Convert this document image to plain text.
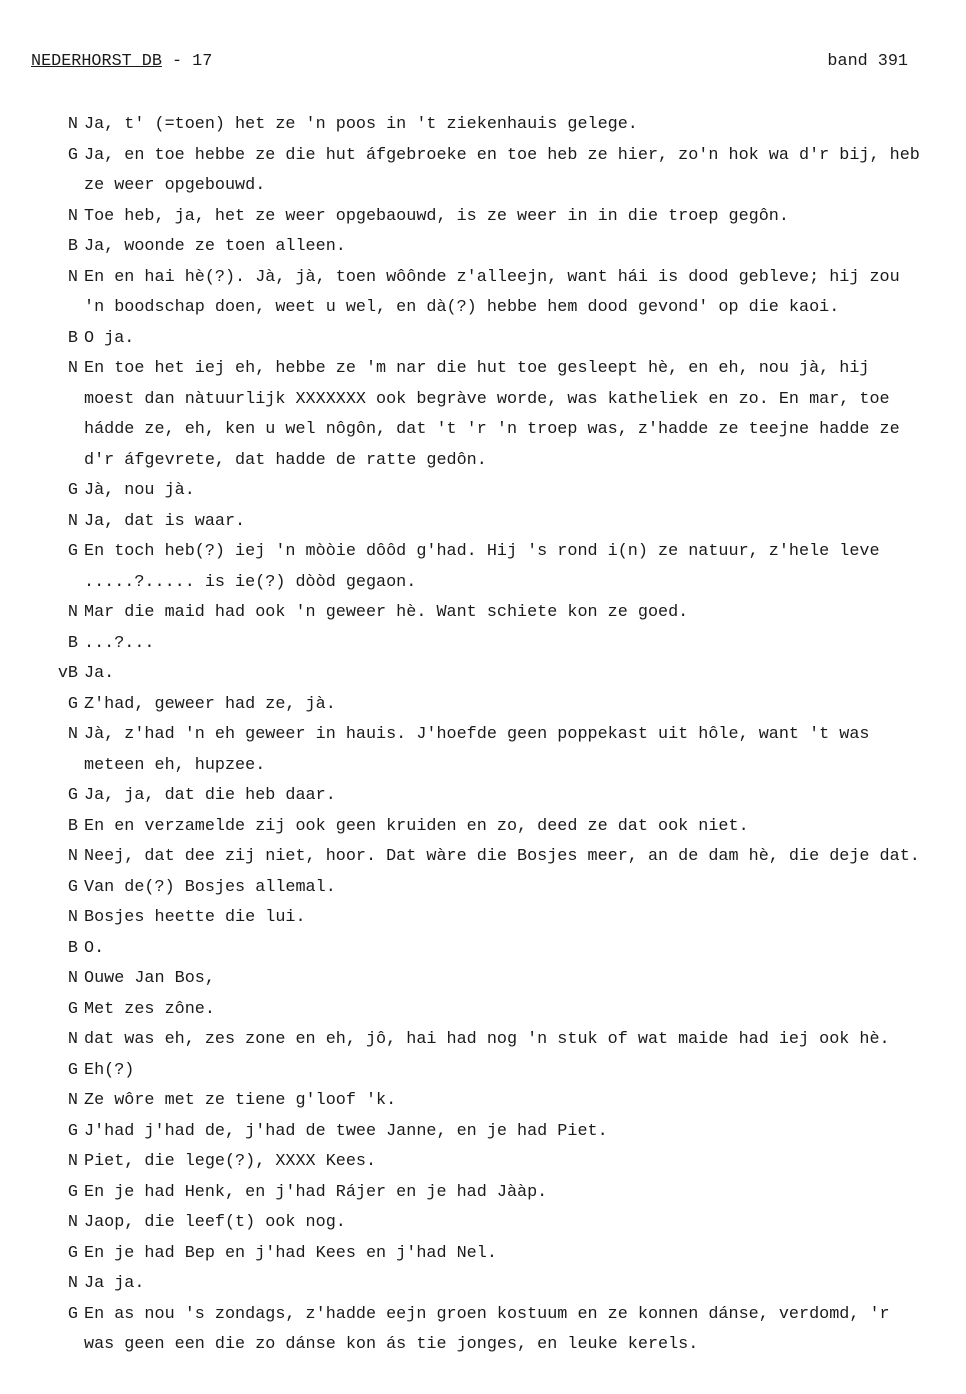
NEDERHORST DB - 17	band 391
N Ja, t' (=toen) het ze 'n poos in 't ziekenhauis gelege.
G Ja, en toe hebbe ze die hut áfgebroеke en toe heb ze hier, zo'n hok wa d'r bij, heb
ze weer opgebouwd.
N Toe heb, ja, het ze weer opgebaouwd, is ze weer in in die troep gegôn.
B Ja, woonde ze toen alleen.
N En en hai hè(?). Jà, jà, toen wôônde z'alleejn, want hái is dood gebleve; hij zou
'n boodschap doen, weet u wel, en dà(?) hebbe hem dood gevond' op die kaoi.
B O ja.
N En toe het iej eh, hebbe ze 'm nar die hut toe gesleept hè, en eh, nou jà, hij
moest dan nàtuurlijk XXXXXXX ook begràve worde, was katheliek en zo. En mar, toe
hádde ze, eh, ken u wel nôgôn, dat 't 'r 'n troep was, z'hadde ze teejne hadde ze
d'r áfgevrete, dat hadde de ratte gedôn.
G Jà, nou jà.
N Ja, dat is waar.
G En toch heb(?) iej 'n mòòie dôôd g'had. Hij 's rond i(n) ze natuur, z'hele leve
.....?..... is ie(?) dòòd gegaon.
N Mar die maid had ook 'n geweer hè. Want schiete kon ze goed.
B ...?...
vB Ja.
G Z'had, geweer had ze, jà.
N Jà, z'had 'n eh geweer in hauis. J'hoefde geen poppekast uit hôle, want 't was
meteen eh, hupzee.
G Ja, ja, dat die heb daar.
B En en verzamelde zij ook geen kruiden en zo, deed ze dat ook niet.
N Neej, dat dee zij niet, hoor. Dat wàre die Bosjes meer, an de dam hè, die deje dat.
G Van de(?) Bosjes allemal.
N Bosjes heette die lui.
B O.
N Ouwe Jan Bos,
G Met zes zône.
N dat was eh, zes zone en eh, jô, hai had nog 'n stuk of wat maide had iej ook hè.
G Eh(?)
N Ze wôre met ze tiene g'loof 'k.
G J'had j'had de, j'had de twee Janne, en je had Piet.
N Piet, die lege(?), XXXX Kees.
G En je had Henk, en j'had Rájer en je had Jààp.
N Jaop, die leef(t) ook nog.
G En je had Bep en j'had Kees en j'had Nel.
N Ja ja.
G En as nou 's zondags, z'hadde eejn groen kostuum en ze konnen dánse, verdomd, 'r
was geen een die zo dánse kon ás tie jonges, en leuke kerels.
